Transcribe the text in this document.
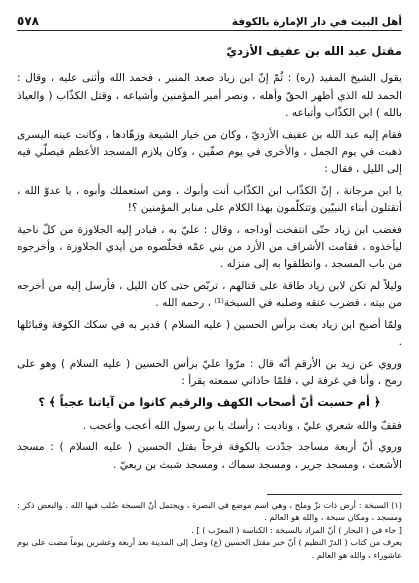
أهل البيت في دار الإمارة بالكوفة
٥٧٨

مقتل عبد الله بن عفيف الأزديّ

يقول الشيخ المفيد (ره) : ثُمّ إنّ ابن زياد صعد المنبر ، فحمد الله وأثنى عليه ، وقال : الحمد لله الذي أظهر الحقّ وأهله ، ونصر أمير المؤمنين وأشياعه ، وقتل الكذّاب ( والعياذ بالله ) ابن الكذّاب وأتباعه .

فقام إليه عبد الله بن عفيف الأزديّ ، وكان من خيار الشيعة وزهّادها ، وكانت عينه اليسرى ذهبت في يوم الجمل ، والأخرى في يوم صفّين ، وكان يلازم المسجد الأعظم فيصلّي فيه إلى الليل ، فقال :

يا ابن مرجانة ، إنّ الكذّاب ابن الكذّاب أنت وأبوك ، ومن استعملك وأبوه ، يا عدوّ الله ، أتقتلون أبناء النبيّين وتتكلّمون بهذا الكلام على منابر المؤمنين ؟!

فغضب ابن زياد حتّى انتفخت أوداجه ، وقال : عليّ به ، فبادر إليه الجلاوزة من كلّ ناحية ليأخذوه ، فقامت الأشراف من الأزد من بني عمّه فخلّصوه من أيدي الجلاوزة ، وأخرجوه من باب المسجد ، وانطلقوا به إلى منزله .

وليلاً لم تكن لابن زياد طاقة على قتالهم ، تربّص حتى كان الليل ، فأرسل إليه من أخرجه من بيته ، فضرب عنقه وصلبه في السبخة⁽¹⁾ ، رحمه الله .

ولمّا أصبح ابن زياد بعث برأس الحسين ( عليه السلام ) فدير به في سكك الكوفة وقبائلها .

وروي عن زيد بن الأرقم أنّه قال : مرّوا عليّ برأس الحسين ( عليه السلام ) وهو على رمح ، وأنا في غرفة لي ، فلمّا حاذاني سمعته يقرأ :

﴿ أم حسبت أنّ أصحاب الكهف والرقيم كانوا من آياتنا عجباً ﴾ ؟

فقفّ والله شعري عليّ ، وناديت : رأسك يا بن رسول الله أعجب وأعجب .

وروي أنّ أربعة مساجد جدّدت بالكوفة فرحاً بقتل الحسين ( عليه السلام ) : مسجد الأشعث ، ومسجد جرير ، ومسجد سماك ، ومسجد شبث بن ربعيّ .

(١) السبخة : أرض ذات نزّ وملح ، وهي اسم موضع في البصرة ، ويحتمل أنّ السبخة صُلب فيها الله . والبعض ذكر : ومسجد ، ومكان سبخة ، والله هو العالم .

[ جاء في ( البحار ) أنّ المراد بالسبخة : الكناسة ( المعرّب ) ] .

يعرف من كتاب ( الدرّ النظيم ) أنّ خبر مقتل الحسين (ع) وصل إلى المدينة بعد أربعة وعشرين يوماً مضت على يوم عاشوراء ، والله هو العالم .
